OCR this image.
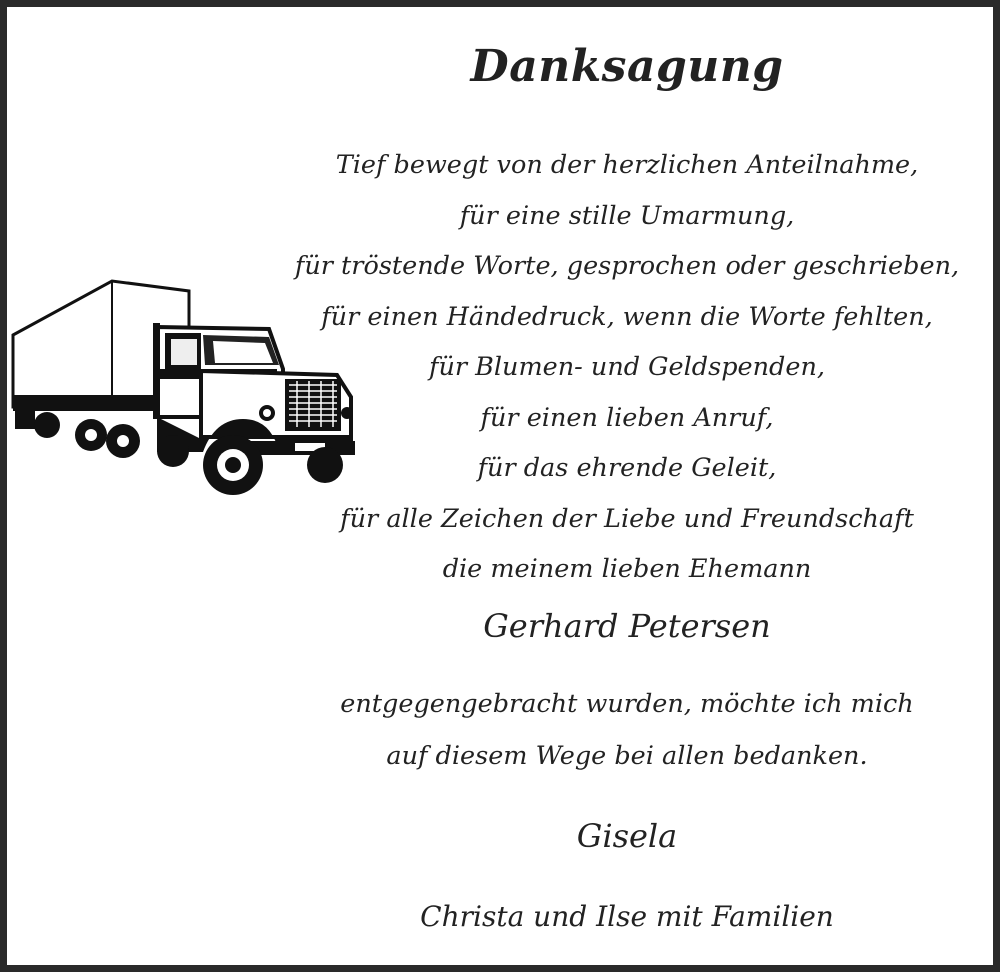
Danksagung
Tief bewegt von der herzlichen Anteilnahme,
für eine stille Umarmung,
für tröstende Worte, gesprochen oder geschrieben,
für einen Händedruck, wenn die Worte fehlten,
für Blumen- und Geldspenden,
für einen lieben Anruf,
für das ehrende Geleit,
für alle Zeichen der Liebe und Freundschaft
die meinem lieben Ehemann
Gerhard Petersen
entgegengebracht wurden, möchte ich mich
auf diesem Wege bei allen bedanken.
Gisela
Christa und Ilse mit Familien
